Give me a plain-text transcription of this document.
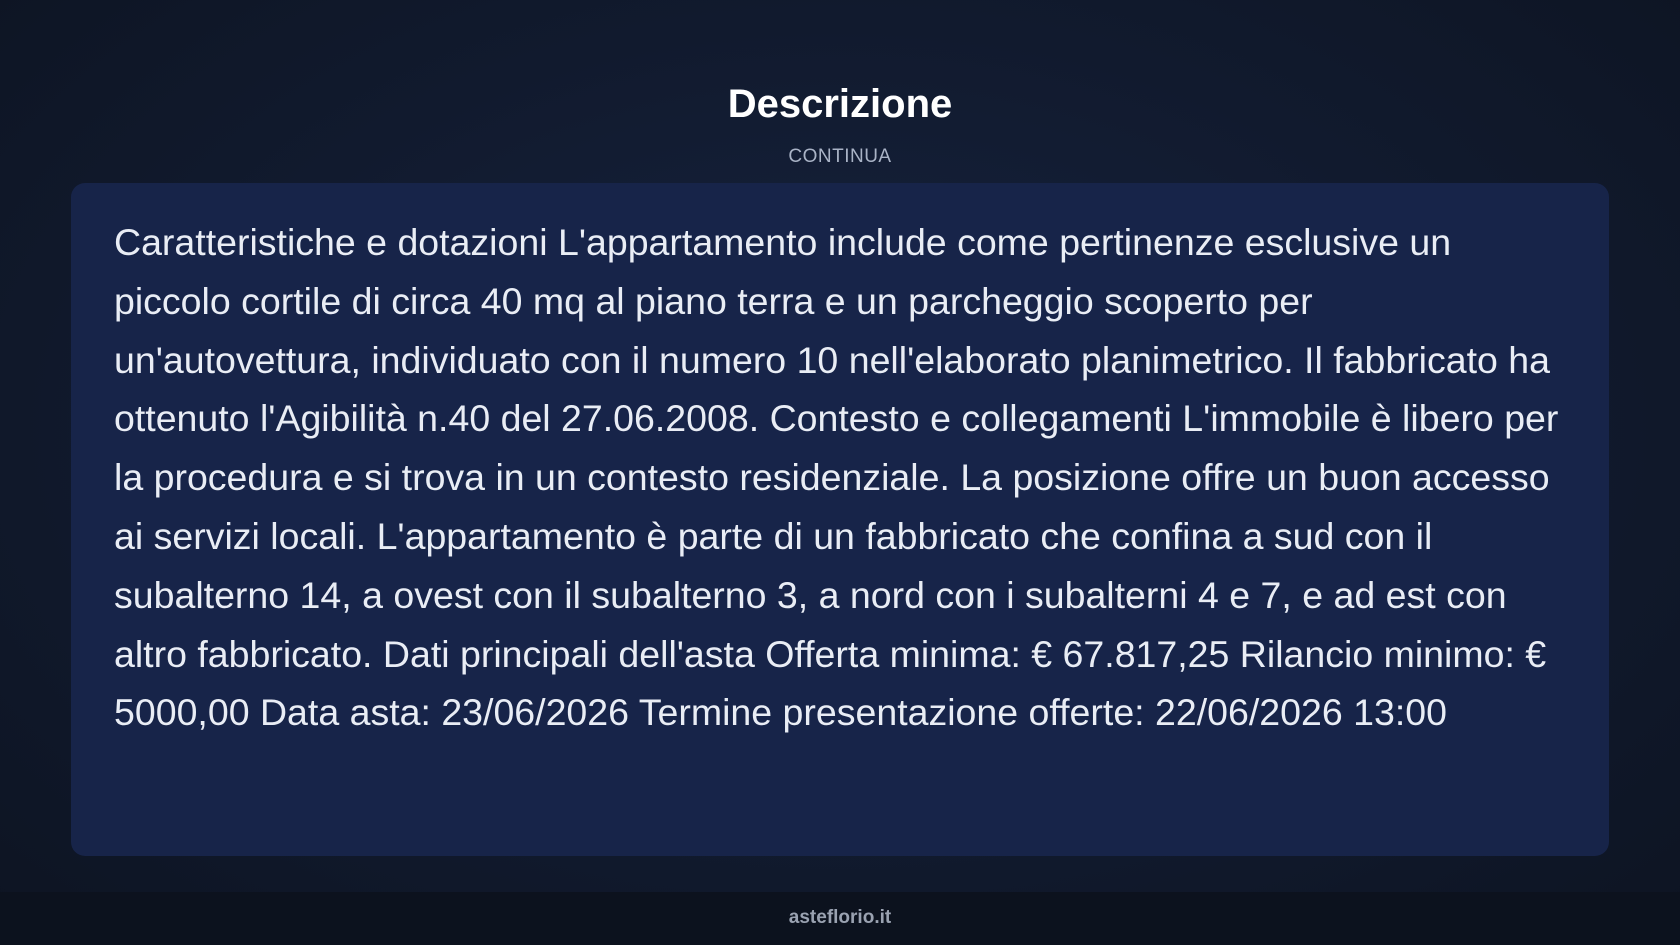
Descrizione
CONTINUA

Caratteristiche e dotazioni L'appartamento include come pertinenze esclusive un piccolo cortile di circa 40 mq al piano terra e un parcheggio scoperto per un'autovettura, individuato con il numero 10 nell'elaborato planimetrico. Il fabbricato ha ottenuto l'Agibilità n.40 del 27.06.2008. Contesto e collegamenti L'immobile è libero per la procedura e si trova in un contesto residenziale. La posizione offre un buon accesso ai servizi locali. L'appartamento è parte di un fabbricato che confina a sud con il subalterno 14, a ovest con il subalterno 3, a nord con i subalterni 4 e 7, e ad est con altro fabbricato. Dati principali dell'asta Offerta minima: € 67.817,25 Rilancio minimo: € 5000,00 Data asta: 23/06/2026 Termine presentazione offerte: 22/06/2026 13:00

asteflorio.it
